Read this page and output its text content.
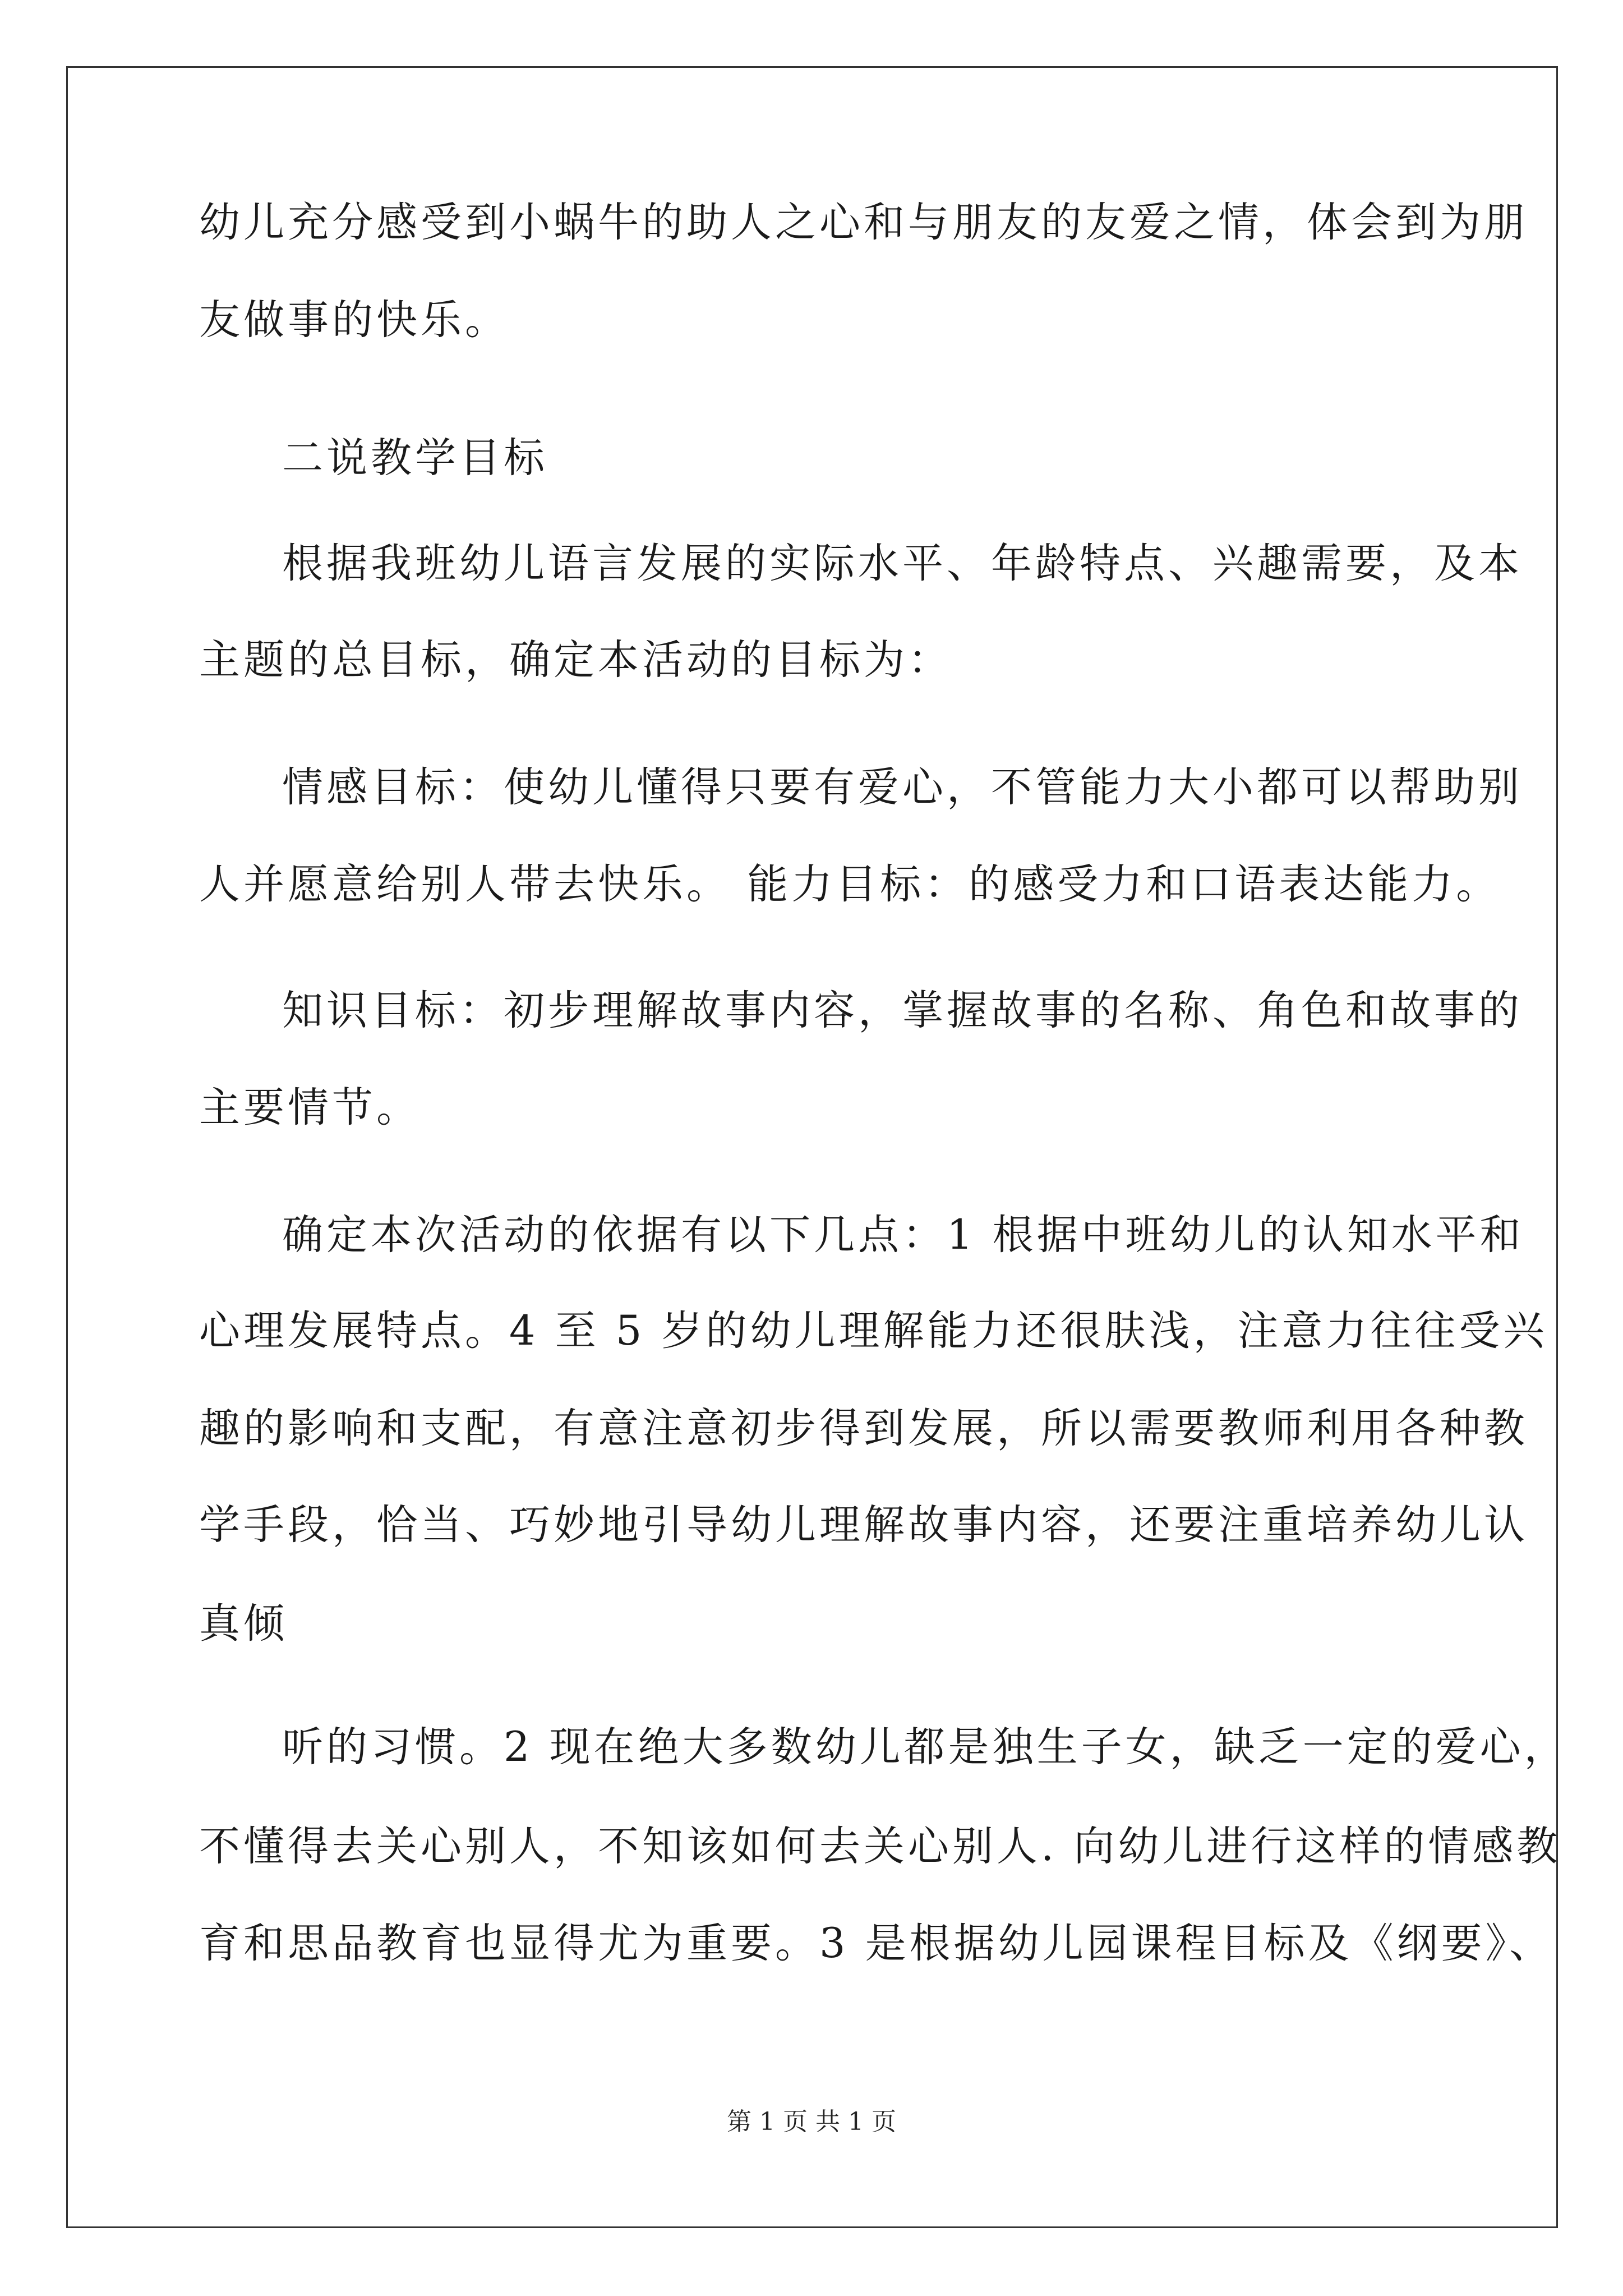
幼儿充分感受到小蜗牛的助人之心和与朋友的友爱之情，体会到为朋
友做事的快乐。
二说教学目标
根据我班幼儿语言发展的实际水平、年龄特点、兴趣需要，及本
主题的总目标，确定本活动的目标为：
情感目标：使幼儿懂得只要有爱心，不管能力大小都可以帮助别
人并愿意给别人带去快乐。 能力目标：的感受力和口语表达能力。
知识目标：初步理解故事内容，掌握故事的名称、角色和故事的
主要情节。
确定本次活动的依据有以下几点：1 根据中班幼儿的认知水平和
心理发展特点。4 至 5 岁的幼儿理解能力还很肤浅，注意力往往受兴
趣的影响和支配，有意注意初步得到发展，所以需要教师利用各种教
学手段，恰当、巧妙地引导幼儿理解故事内容，还要注重培养幼儿认
真倾
听的习惯。2 现在绝大多数幼儿都是独生子女，缺乏一定的爱心，
不懂得去关心别人，不知该如何去关心别人. 向幼儿进行这样的情感教
育和思品教育也显得尤为重要。3 是根据幼儿园课程目标及《纲要》、
第 1 页 共 1 页
